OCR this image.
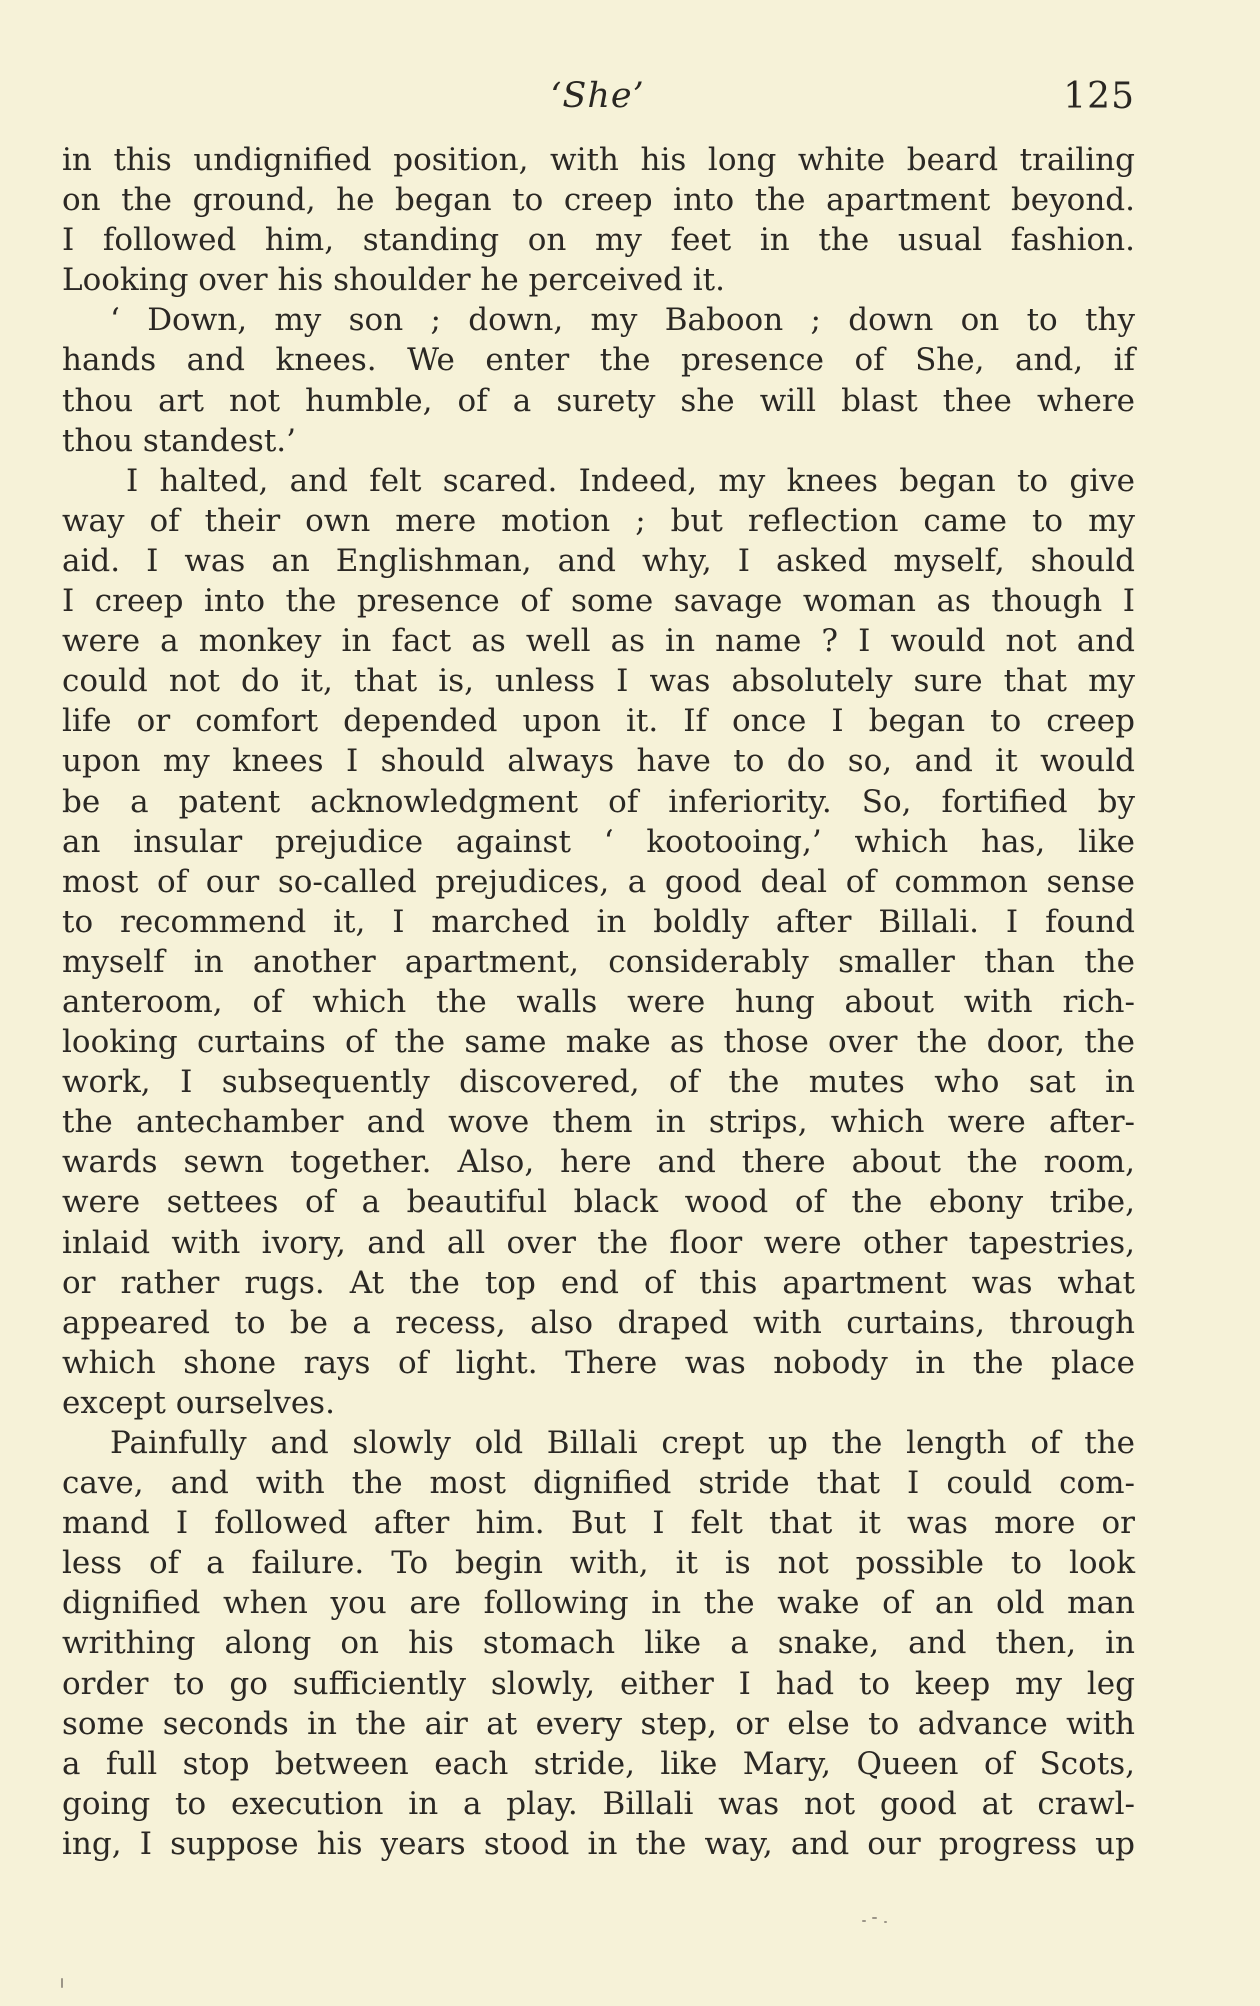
‘She’	125
in this undignified position, with his long white beard trailing
on the ground, he began to creep into the apartment beyond.
I followed him, standing on my feet in the usual fashion.
Looking over his shoulder he perceived it.
‘ Down, my son ; down, my Baboon ; down on to thy
hands and knees. We enter the presence of She, and, if
thou art not humble, of a surety she will blast thee where
thou standest.’
I halted, and felt scared. Indeed, my knees began to give
way of their own mere motion ; but reflection came to my
aid. I was an Englishman, and why, I asked myself, should
I creep into the presence of some savage woman as though I
were a monkey in fact as well as in name ? I would not and
could not do it, that is, unless I was absolutely sure that my
life or comfort depended upon it. If once I began to creep
upon my knees I should always have to do so, and it would
be a patent acknowledgment of inferiority. So, fortified by
an insular prejudice against ‘ kootooing,’ which has, like
most of our so-called prejudices, a good deal of common sense
to recommend it, I marched in boldly after Billali. I found
myself in another apartment, considerably smaller than the
anteroom, of which the walls were hung about with rich-
looking curtains of the same make as those over the door, the
work, I subsequently discovered, of the mutes who sat in
the antechamber and wove them in strips, which were after-
wards sewn together. Also, here and there about the room,
were settees of a beautiful black wood of the ebony tribe,
inlaid with ivory, and all over the floor were other tapestries,
or rather rugs. At the top end of this apartment was what
appeared to be a recess, also draped with curtains, through
which shone rays of light. There was nobody in the place
except ourselves.
Painfully and slowly old Billali crept up the length of the
cave, and with the most dignified stride that I could com-
mand I followed after him. But I felt that it was more or
less of a failure. To begin with, it is not possible to look
dignified when you are following in the wake of an old man
writhing along on his stomach like a snake, and then, in
order to go sufficiently slowly, either I had to keep my leg
some seconds in the air at every step, or else to advance with
a full stop between each stride, like Mary, Queen of Scots,
going to execution in a play. Billali was not good at crawl-
ing, I suppose his years stood in the way, and our progress up
